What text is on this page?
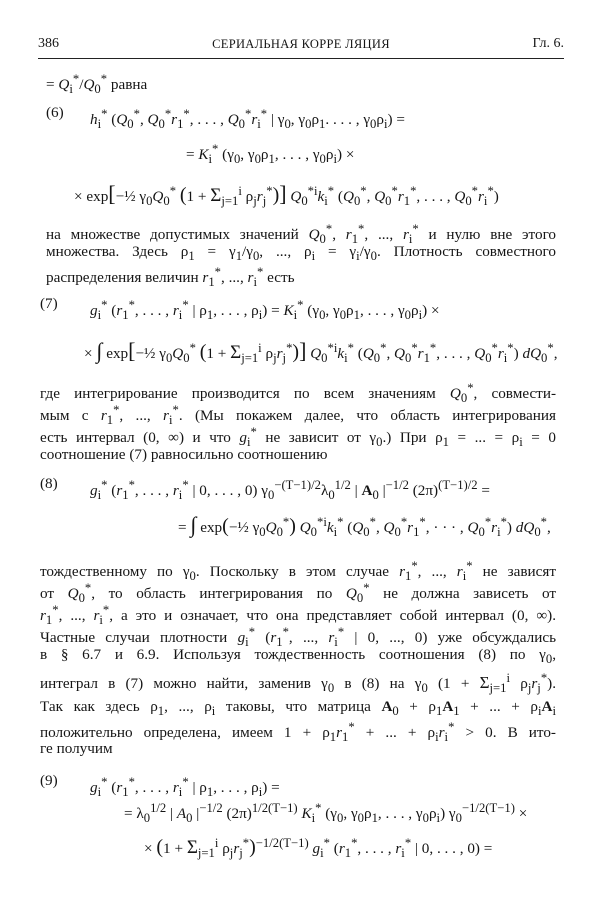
386	СЕРИАЛЬНАЯ КОРРЕ ЛЯЦИЯ	Гл. 6.
= $Q_i^*/Q_0^*$ равна
(6) $h_i^*$ ($Q_0^*$, $Q_0^*r_1^*$, . . . , $Q_0^*r_i^*$ | $\gamma_0$, $\gamma_0\rho_1$. . . . , $\gamma_0\rho_i$) =
= $K_i^*$ ($\gamma_0$, $\gamma_0\rho_1$, . . . , $\gamma_0\rho_i$) ×
× exp[−½ $\gamma_0Q_0^*$ ($1 + \Sigma_{j=1}^i$ $\rho_jr_j^*$)] $Q_0^{*i}k_i^*$ ($Q_0^*$, $Q_0^*r_1^*$, . . . , $Q_0^*r_i^*$)
на множестве допустимых значений $Q_0^*$, $r_1^*$, ..., $r_i^*$ и нулю вне этого
множества. Здесь $\rho_1 = \gamma_1/\gamma_0$, ..., $\rho_i = \gamma_i/\gamma_0$. Плотность совместного
распределения величин $r_1^*$, ..., $r_i^*$ есть
(7) $g_i^*$ ($r_1^*$, . . . , $r_i^*$ | $\rho_1$, . . . , $\rho_i) = K_i^*$ ($\gamma_0$, $\gamma_0\rho_1$, . . . , $\gamma_0\rho_i$) ×
× ∫ exp[−½ $\gamma_0Q_0^*$ ($1 + \Sigma_{j=1}^i$ $\rho_jr_j^*$)] $Q_0^{*i}k_i^*$ ($Q_0^*$, $Q_0^*r_1^*$, . . . , $Q_0^*r_i^*$) $dQ_0^*$,
где интегрирование производится по всем значениям $Q_0^*$, совмести-
мым с $r_1^*$, ..., $r_i^*$. (Мы покажем далее, что область интегрирования
есть интервал (0, ∞) и что $g_i^*$ не зависит от $\gamma_0$.) При $\rho_1$ = ... = $\rho_i = 0$
соотношение (7) равносильно соотношению
(8) $g_i^*$ ($r_1^*$, . . . , $r_i^*$ | 0, . . . , 0) $\gamma_0^{-(T-1)/2}\lambda_0^{1/2}$ | $A_0$ $|^{-1/2}$ $(2\pi)^{(T-1)/2}$ =
= ∫ exp(−½ $\gamma_0Q_0^*$) $Q_0^{*i}k_i^*$ ($Q_0^*$, $Q_0^*r_1^*$, · · · , $Q_0^*r_i^*$) $dQ_0^*$,
тождественному по $\gamma_0$. Поскольку в этом случае $r_1^*$, ..., $r_i^*$ не зависят
от $Q_0^*$, то область интегрирования по $Q_0^*$ не должна зависеть от
$r_1^*$, ..., $r_i^*$, а это и означает, что она представляет собой интервал (0, ∞).
Частные случаи плотности $g_i^*$ ($r_1^*$, ..., $r_i^*$ | 0, ..., 0) уже обсуждались
в § 6.7 и 6.9. Используя тождественность соотношения (8) по $\gamma_0$,
интеграл в (7) можно найти, заменив $\gamma_0$ в (8) на $\gamma_0$ ($1 + \Sigma_{j=1}^i$ $\rho_jr_j^*$).
Так как здесь $\rho_1$, ..., $\rho_i$ таковы, что матрица $A_0 + \rho_1A_1$ + ... + $\rho_iA_i$
положительно определена, имеем $1 + \rho_1r_1^*$ + ... + $\rho_ir_i^* > 0$. В ито-
ге получим
(9) $g_i^*$ ($r_1^*$, . . . , $r_i^*$ | $\rho_1$, . . . , $\rho_i$) =
= $\lambda_0^{1/2}$ | $A_0$ $|^{-1/2}$ $(2\pi)^{1/2(T-1)}$ $K_i^*$ ($\gamma_0$, $\gamma_0\rho_1$, . . . , $\gamma_0\rho_i$) $\gamma_0^{-1/2(T-1)}$ ×
× ($1 + \Sigma_{j=1}^i$ $\rho_jr_j^*)^{-1/2(T-1)}$ $g_i^*$ ($r_1^*$, . . . , $r_i^*$ | 0, . . . , 0) =
